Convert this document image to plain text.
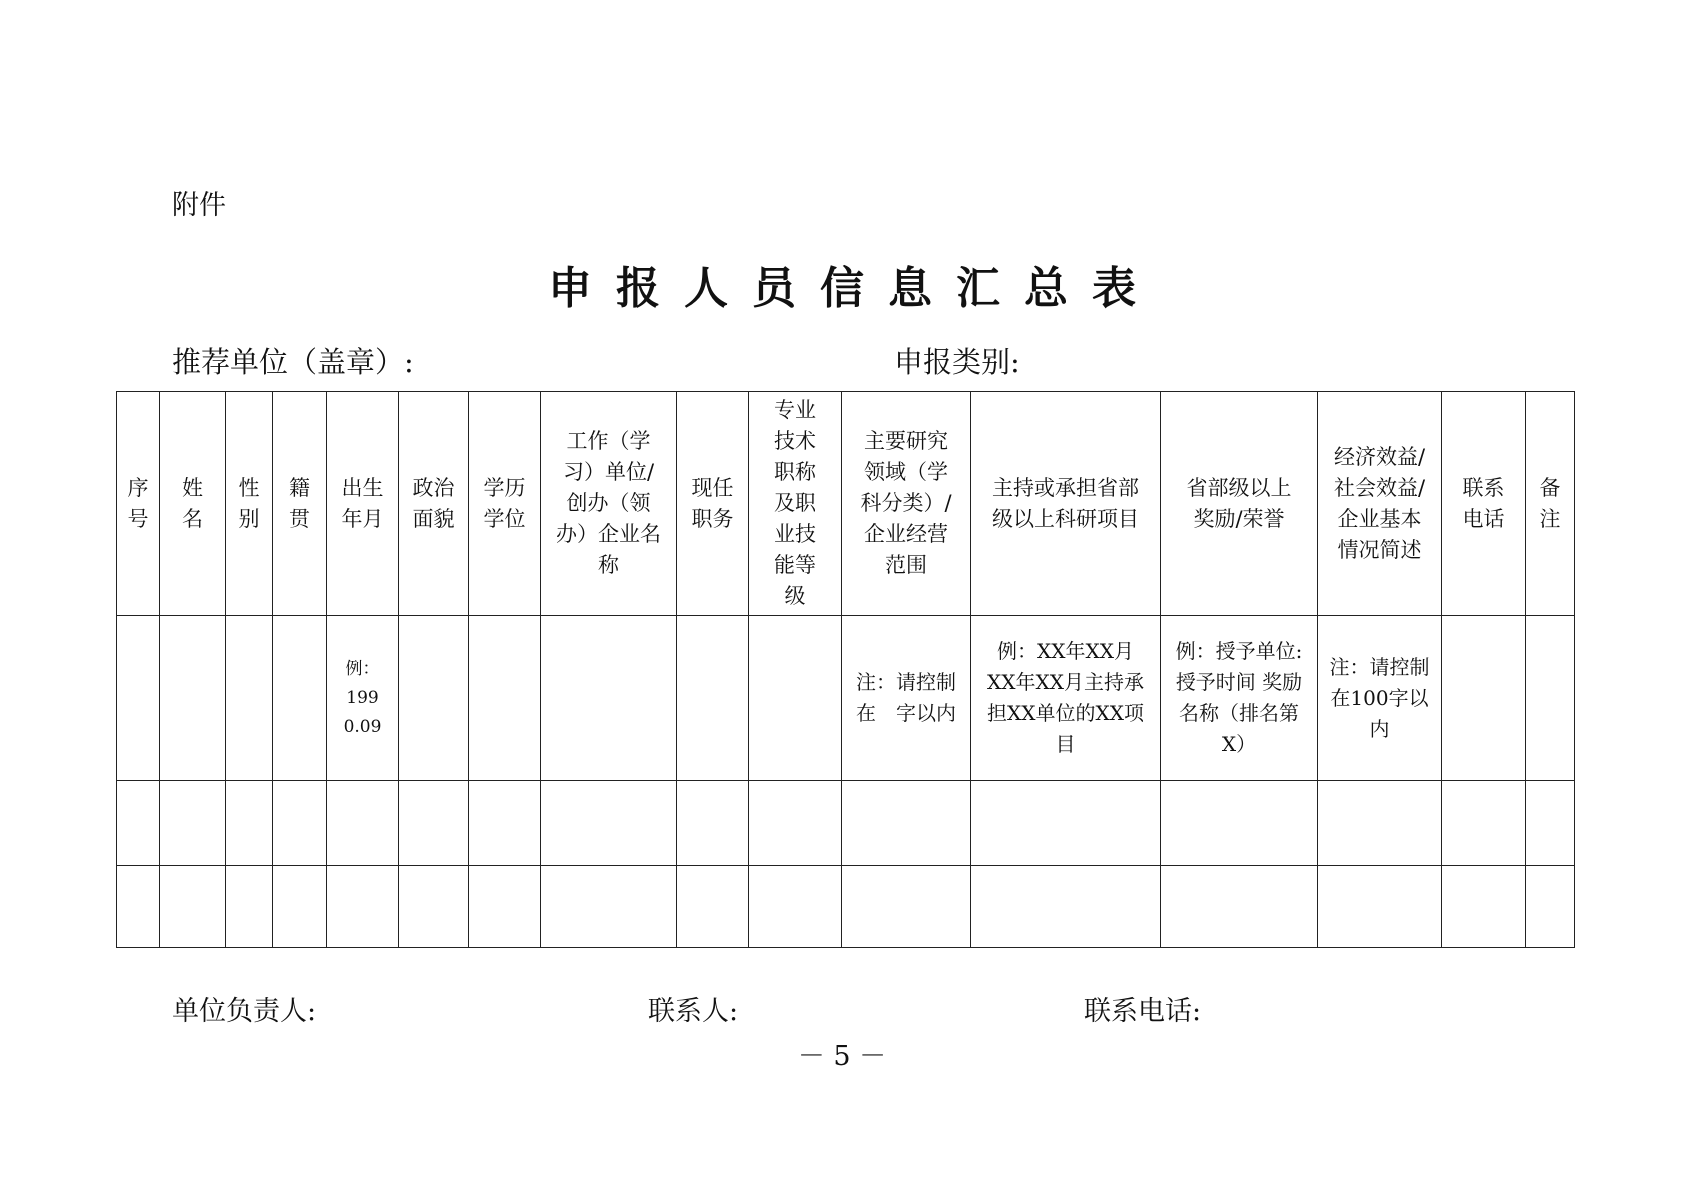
附件
申报人员信息汇总表
推荐单位（盖章）:	申报类别:
序号	姓名	性别	籍贯	出生年月	政治面貌	学历学位	工作（学习）单位/创办（领办）企业名称	现任职务	专业技术职称及职业技能等级	主要研究领域（学科分类）/企业经营范围	主持或承担省部级以上科研项目	省部级以上奖励/荣誉	经济效益/社会效益/企业基本情况简述	联系电话	备注

				例：1990.09						注：请控制在　字以内	例：XX年XX月　XX年XX月主持承担XX单位的XX项目	例：授予单位:授予时间 奖励名称（排名第X）	注：请控制在100字以内		

单位负责人:	联系人:	联系电话:
－ 5 －
